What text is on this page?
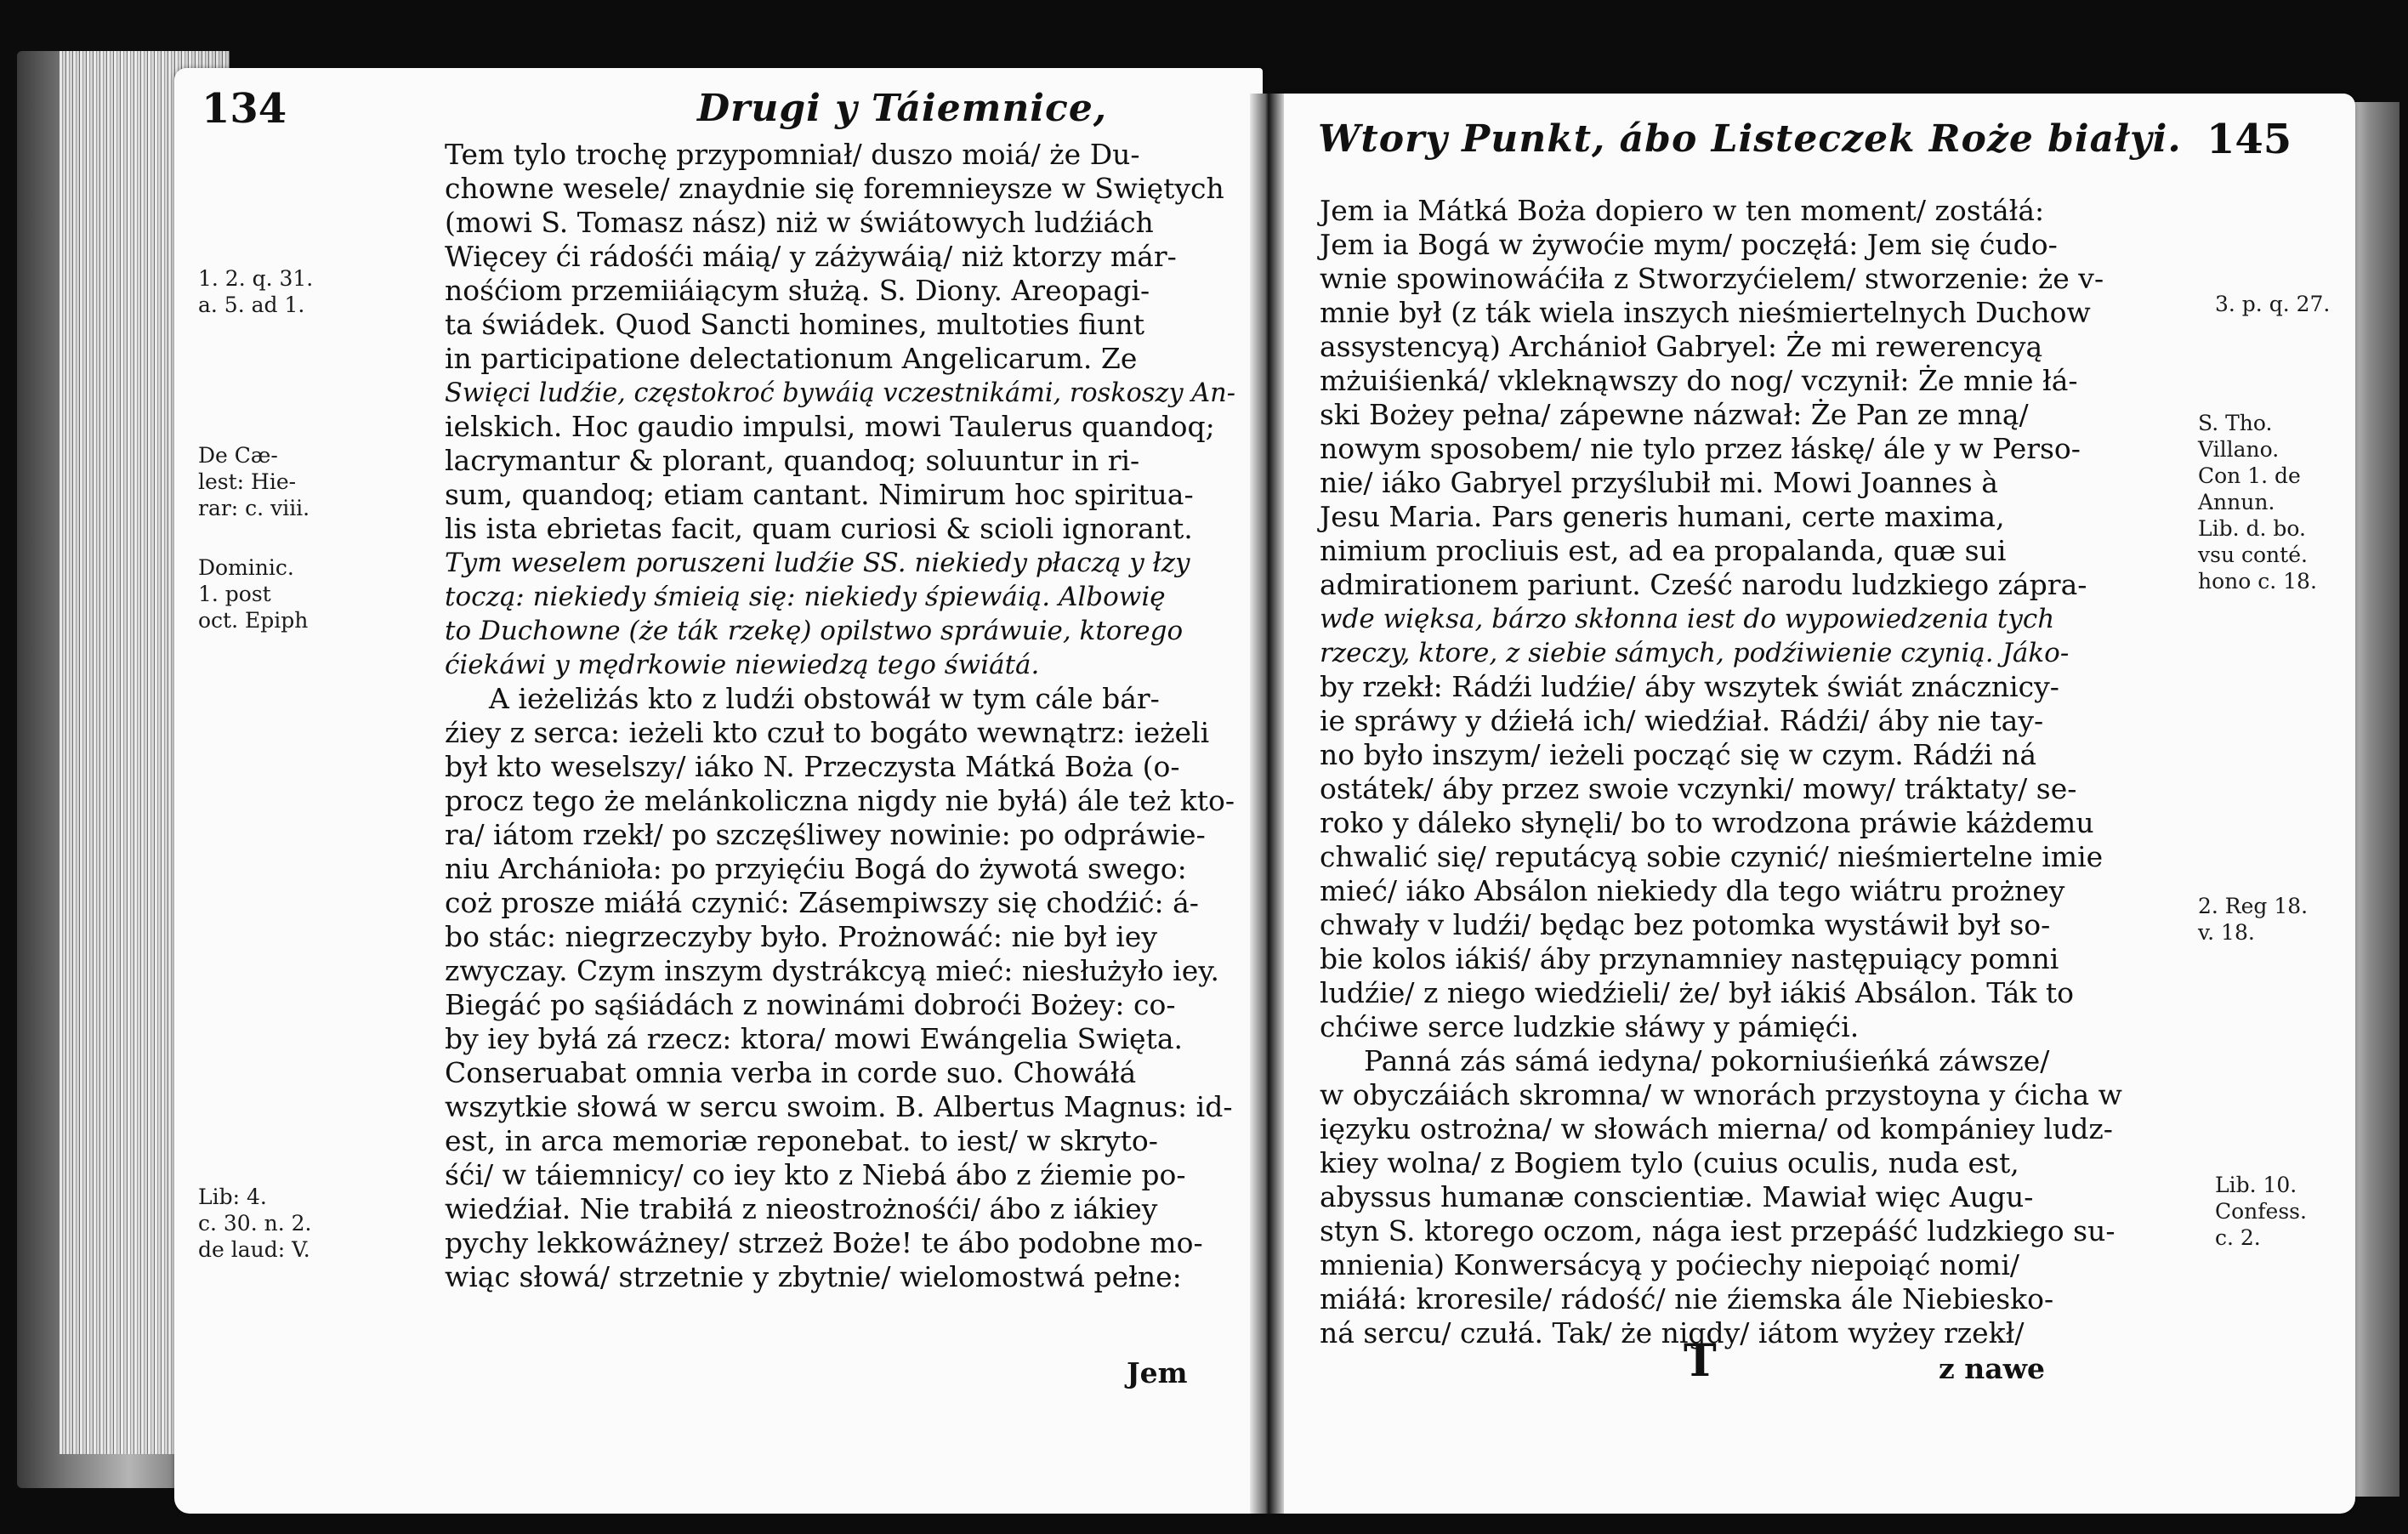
134	Drugi y Táiemnice,
1. 2. q. 31.
a. 5. ad 1.
De Cæ-
lest: Hie-
rar: c. viii.
Dominic.
1. post
oct. Epiph
Lib: 4.
c. 30. n. 2.
de laud: V.
Tem tylo trochę przypomniał/ duszo moiá/ że Du-
chowne wesele/ znaydnie się foremnieysze w Swiętych
(mowi S. Tomasz nász) niż w świátowych ludźiách
Więcey ći rádośći máią/ y záżywáią/ niż ktorzy már-
nośćiom przemiiáiącym służą. S. Diony. Areopagi-
ta świádek. Quod Sancti homines, multoties fiunt
in participatione delectationum Angelicarum. Ze
Swięci ludźie, częstokroć bywáią vczestnikámi, roskoszy An-
ielskich. Hoc gaudio impulsi, mowi Taulerus quandoq;
lacrymantur & plorant, quandoq; soluuntur in ri-
sum, quandoq; etiam cantant. Nimirum hoc spiritua-
lis ista ebrietas facit, quam curiosi & scioli ignorant.
Tym weselem poruszeni ludźie SS. niekiedy płaczą y łzy
toczą: niekiedy śmieią się: niekiedy śpiewáią. Albowię
to Duchowne (że ták rzekę) opilstwo spráwuie, ktorego
ćiekáwi y mędrkowie niewiedzą tego świátá.
A ieżeliżás kto z ludźi obstowáł w tym cále bár-
źiey z serca: ieżeli kto czuł to bogáto wewnątrz: ieżeli
był kto weselszy/ iáko N. Przeczysta Mátká Boża (o-
procz tego że melánkoliczna nigdy nie byłá) ále też kto-
ra/ iátom rzekł/ po szczęśliwey nowinie: po odpráwie-
niu Archánioła: po przyięćiu Bogá do żywotá swego:
coż prosze miáłá czynić: Zásempiwszy się chodźić: á-
bo stác: niegrzeczyby było. Prożnowáć: nie był iey
zwyczay. Czym inszym dystrákcyą mieć: niesłużyło iey.
Biegáć po sąśiádách z nowinámi dobroći Bożey: co-
by iey byłá zá rzecz: ktora/ mowi Ewángelia Swięta.
Conseruabat omnia verba in corde suo. Chowáłá
wszytkie słowá w sercu swoim. B. Albertus Magnus: id-
est, in arca memoriæ reponebat. to iest/ w skryto-
śći/ w táiemnicy/ co iey kto z Niebá ábo z źiemie po-
wiedźiał. Nie trabiłá z nieostrożnośći/ ábo z iákiey
pychy lekkowáżney/ strzeż Boże! te ábo podobne mo-
wiąc słowá/ strzetnie y zbytnie/ wielomostwá pełne:
Jem
Wtory Punkt, ábo Listeczek Roże białyi. 145
3. p. q. 27.
S. Tho.
Villano.
Con 1. de
Annun.
Lib. d. bo.
vsu conté.
hono c. 18.
2. Reg 18.
v. 18.
Lib. 10.
Confess.
c. 2.
Jem ia Mátká Boża dopiero w ten moment/ zostáłá:
Jem ia Bogá w żywoćie mym/ poczęłá: Jem się ćudo-
wnie spowinowáćiła z Stworzyćielem/ stworzenie: że v-
mnie był (z ták wiela inszych nieśmiertelnych Duchow
assystencyą) Archánioł Gabryel: Że mi rewerencyą
mżuiśienká/ vkleknąwszy do nog/ vczynił: Że mnie łá-
ski Bożey pełna/ zápewne názwał: Że Pan ze mną/
nowym sposobem/ nie tylo przez łáskę/ ále y w Perso-
nie/ iáko Gabryel przyślubił mi. Mowi Joannes à
Jesu Maria. Pars generis humani, certe maxima,
nimium procliuis est, ad ea propalanda, quæ sui
admirationem pariunt. Cześć narodu ludzkiego zápra-
wde więksa, bárzo skłonna iest do wypowiedzenia tych
rzeczy, ktore, z siebie sámych, podźiwienie czynią. Jáko-
by rzekł: Rádźi ludźie/ áby wszytek świát znácznicy-
ie spráwy y dźiełá ich/ wiedźiał. Rádźi/ áby nie tay-
no było inszym/ ieżeli począć się w czym. Rádźi ná
ostátek/ áby przez swoie vczynki/ mowy/ tráktaty/ se-
roko y dáleko słynęli/ bo to wrodzona práwie káżdemu
chwalić się/ reputácyą sobie czynić/ nieśmiertelne imie
mieć/ iáko Absálon niekiedy dla tego wiátru prożney
chwały v ludźi/ będąc bez potomka wystáwił był so-
bie kolos iákiś/ áby przynamniey następuiący pomni
ludźie/ z niego wiedźieli/ że/ był iákiś Absálon. Ták to
chćiwe serce ludzkie słáwy y pámięći.
Panná zás sámá iedyna/ pokorniuśieńká záwsze/
w obyczáiách skromna/ w wnorách przystoyna y ćicha w
ięzyku ostrożna/ w słowách mierna/ od kompániey ludz-
kiey wolna/ z Bogiem tylo (cuius oculis, nuda est,
abyssus humanæ conscientiæ. Mawiał więc Augu-
styn S. ktorego oczom, nága iest przepáść ludzkiego su-
mnienia) Konwersácyą y poćiechy niepoiąć nomi/
miáłá: kroresile/ rádość/ nie źiemska ále Niebiesko-
ná sercu/ czułá. Tak/ że nigdy/ iátom wyżey rzekł/
T	z nawe
